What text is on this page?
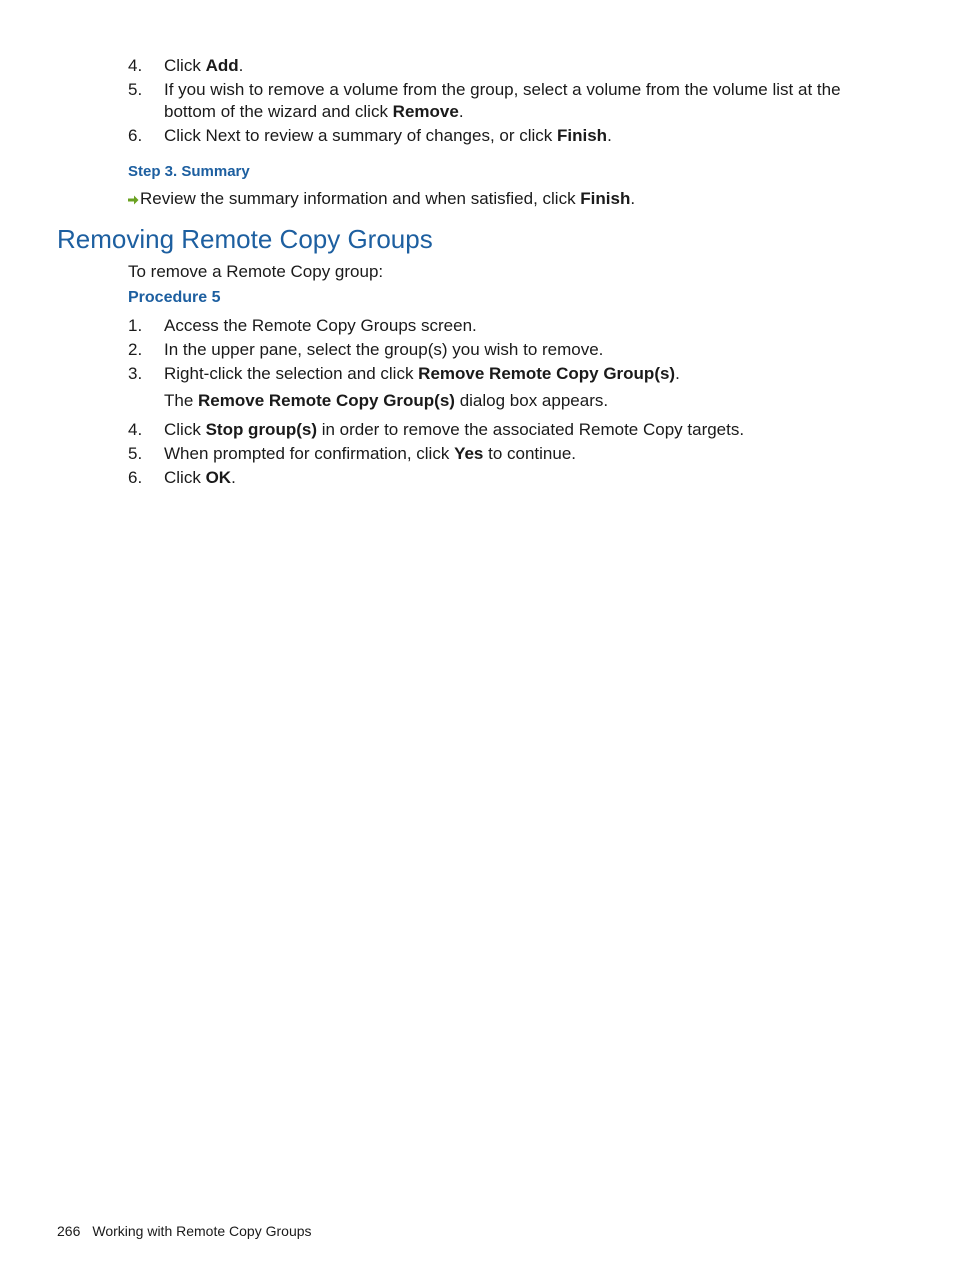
4. Click Add.
5. If you wish to remove a volume from the group, select a volume from the volume list at the bottom of the wizard and click Remove.
6. Click Next to review a summary of changes, or click Finish.
Step 3. Summary
Review the summary information and when satisfied, click Finish.
Removing Remote Copy Groups
To remove a Remote Copy group:
Procedure 5
1. Access the Remote Copy Groups screen.
2. In the upper pane, select the group(s) you wish to remove.
3. Right-click the selection and click Remove Remote Copy Group(s).
The Remove Remote Copy Group(s) dialog box appears.
4. Click Stop group(s) in order to remove the associated Remote Copy targets.
5. When prompted for confirmation, click Yes to continue.
6. Click OK.
266 Working with Remote Copy Groups
